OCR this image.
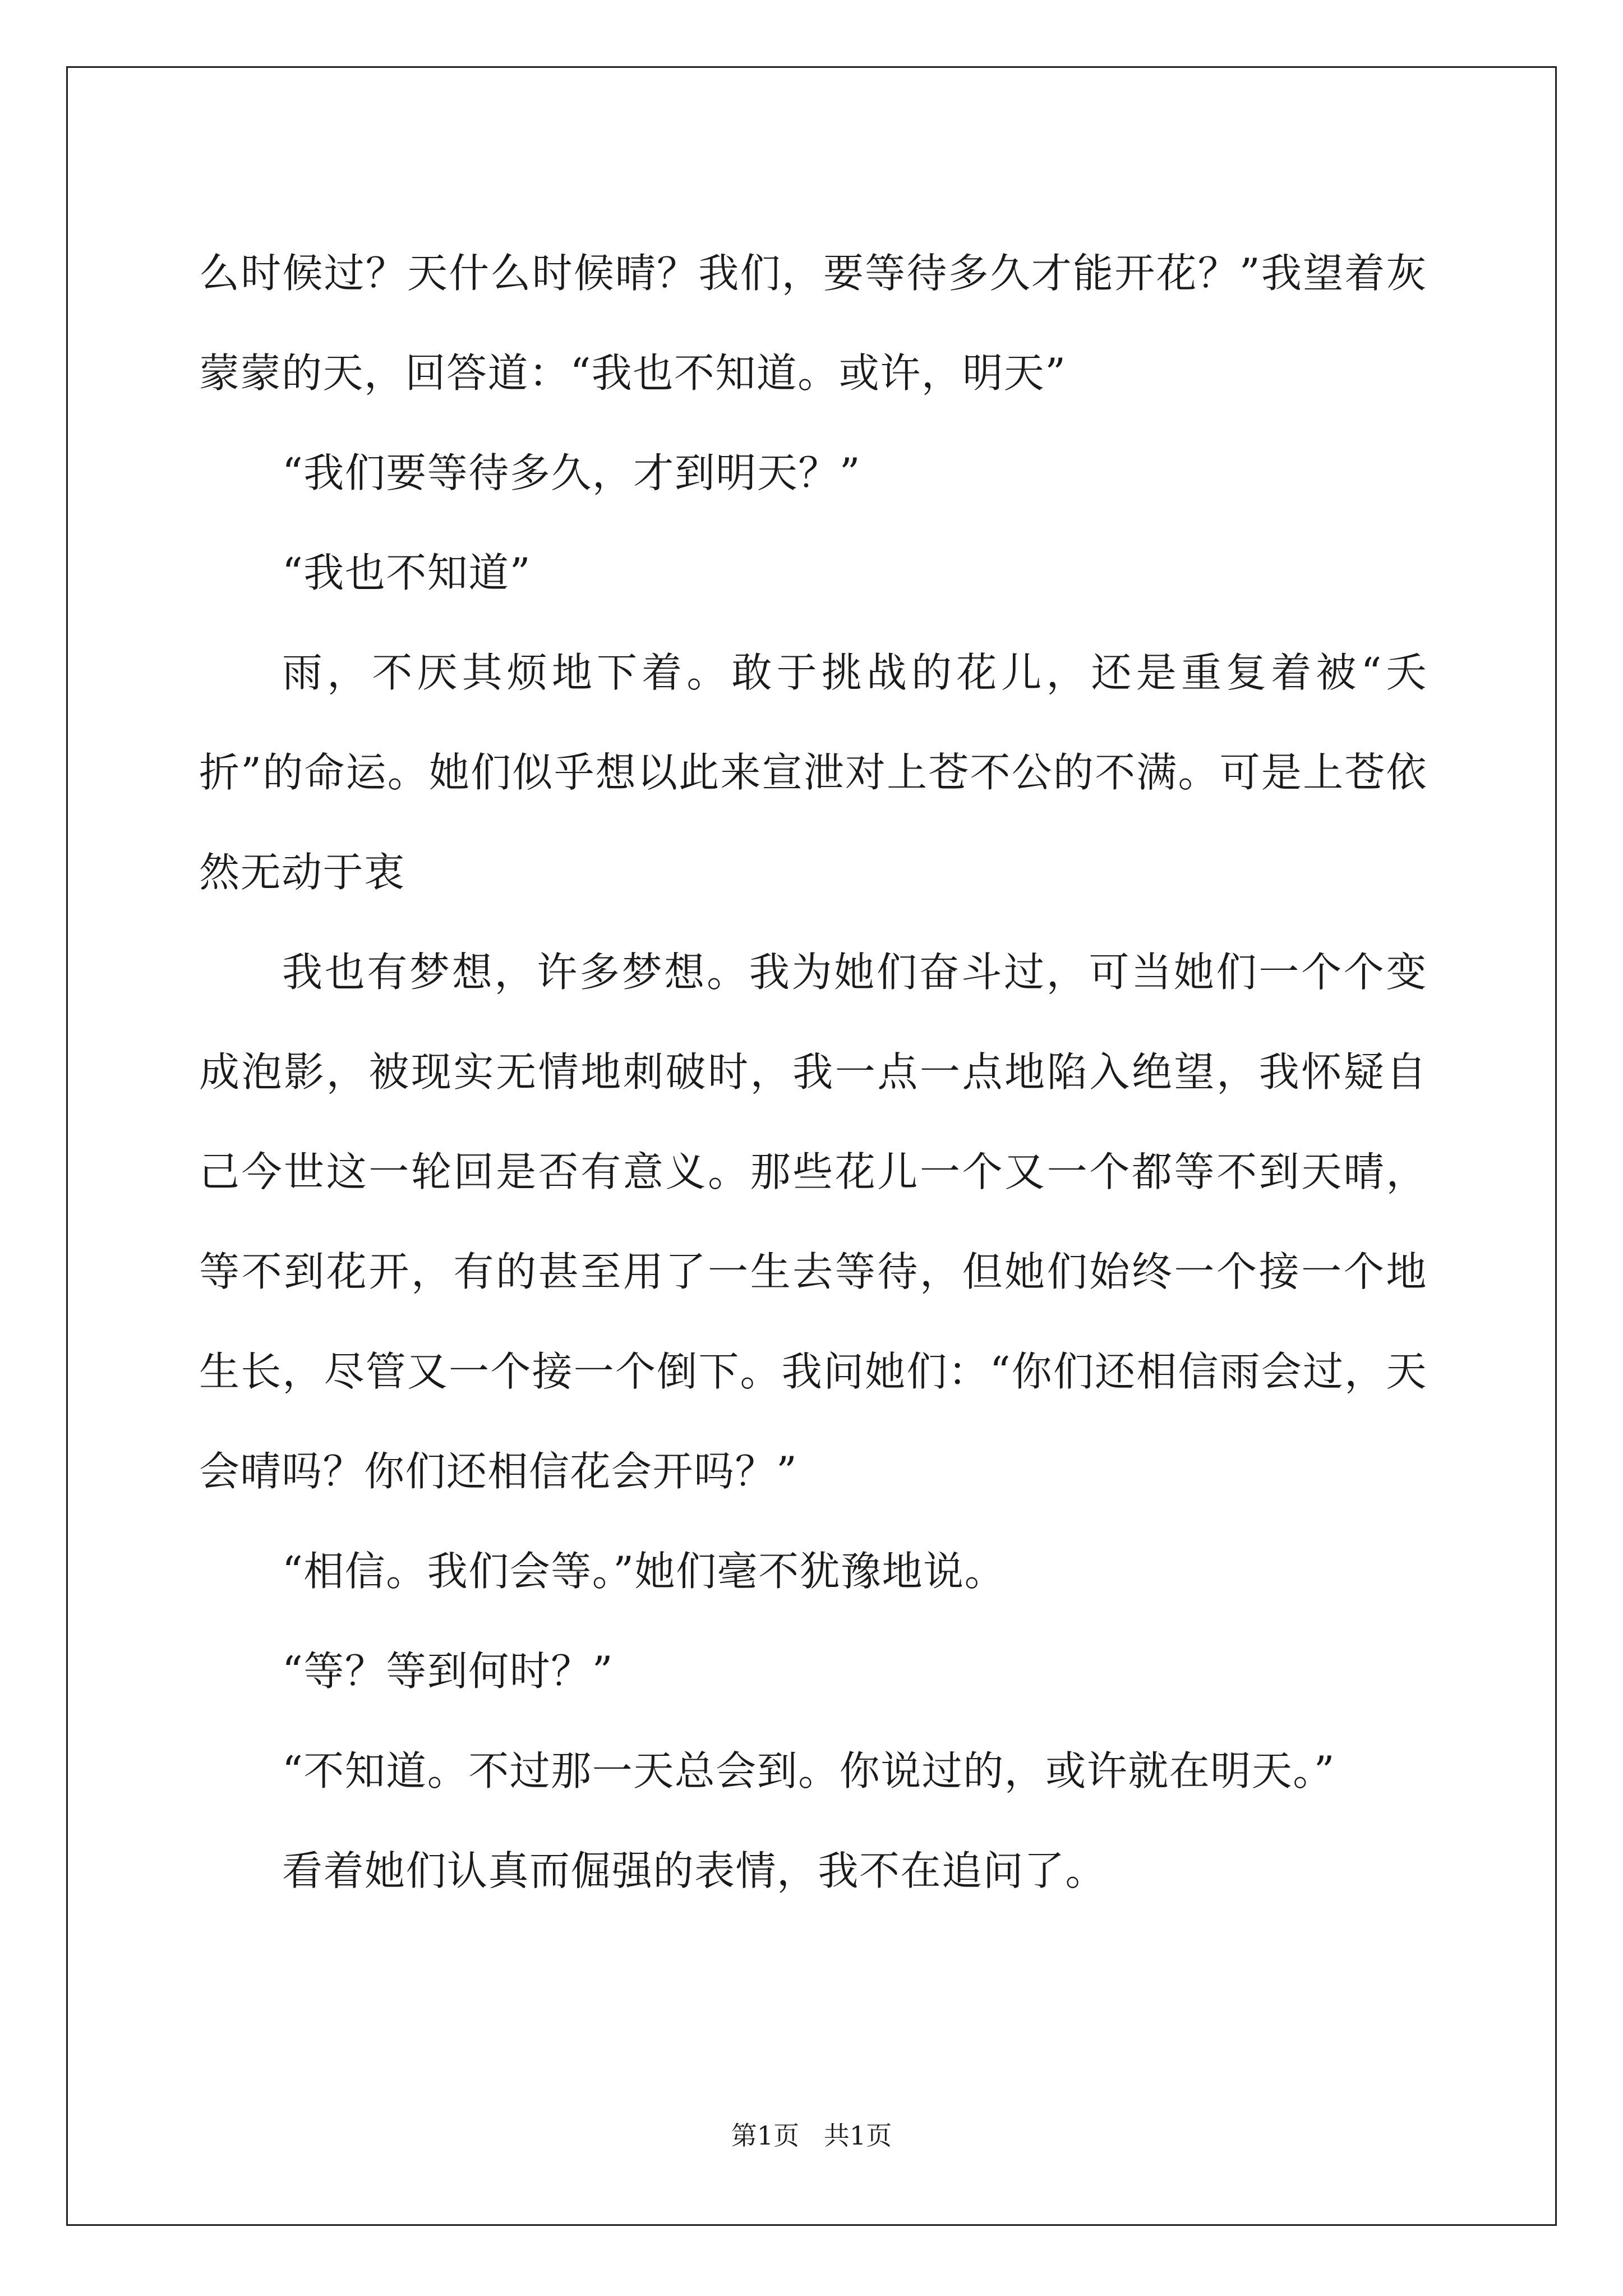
么时候过？天什么时候晴？我们，要等待多久才能开花？”我望着灰蒙蒙的天，回答道：“我也不知道。或许，明天”

“我们要等待多久，才到明天？”

“我也不知道”

雨，不厌其烦地下着。敢于挑战的花儿，还是重复着被“夭折”的命运。她们似乎想以此来宣泄对上苍不公的不满。可是上苍依然无动于衷

我也有梦想，许多梦想。我为她们奋斗过，可当她们一个个变成泡影，被现实无情地刺破时，我一点一点地陷入绝望，我怀疑自己今世这一轮回是否有意义。那些花儿一个又一个都等不到天晴，等不到花开，有的甚至用了一生去等待，但她们始终一个接一个地生长，尽管又一个接一个倒下。我问她们：“你们还相信雨会过，天会晴吗？你们还相信花会开吗？”

“相信。我们会等。”她们毫不犹豫地说。

“等？等到何时？”

“不知道。不过那一天总会到。你说过的，或许就在明天。”

看着她们认真而倔强的表情，我不在追问了。

第1页   共1页
